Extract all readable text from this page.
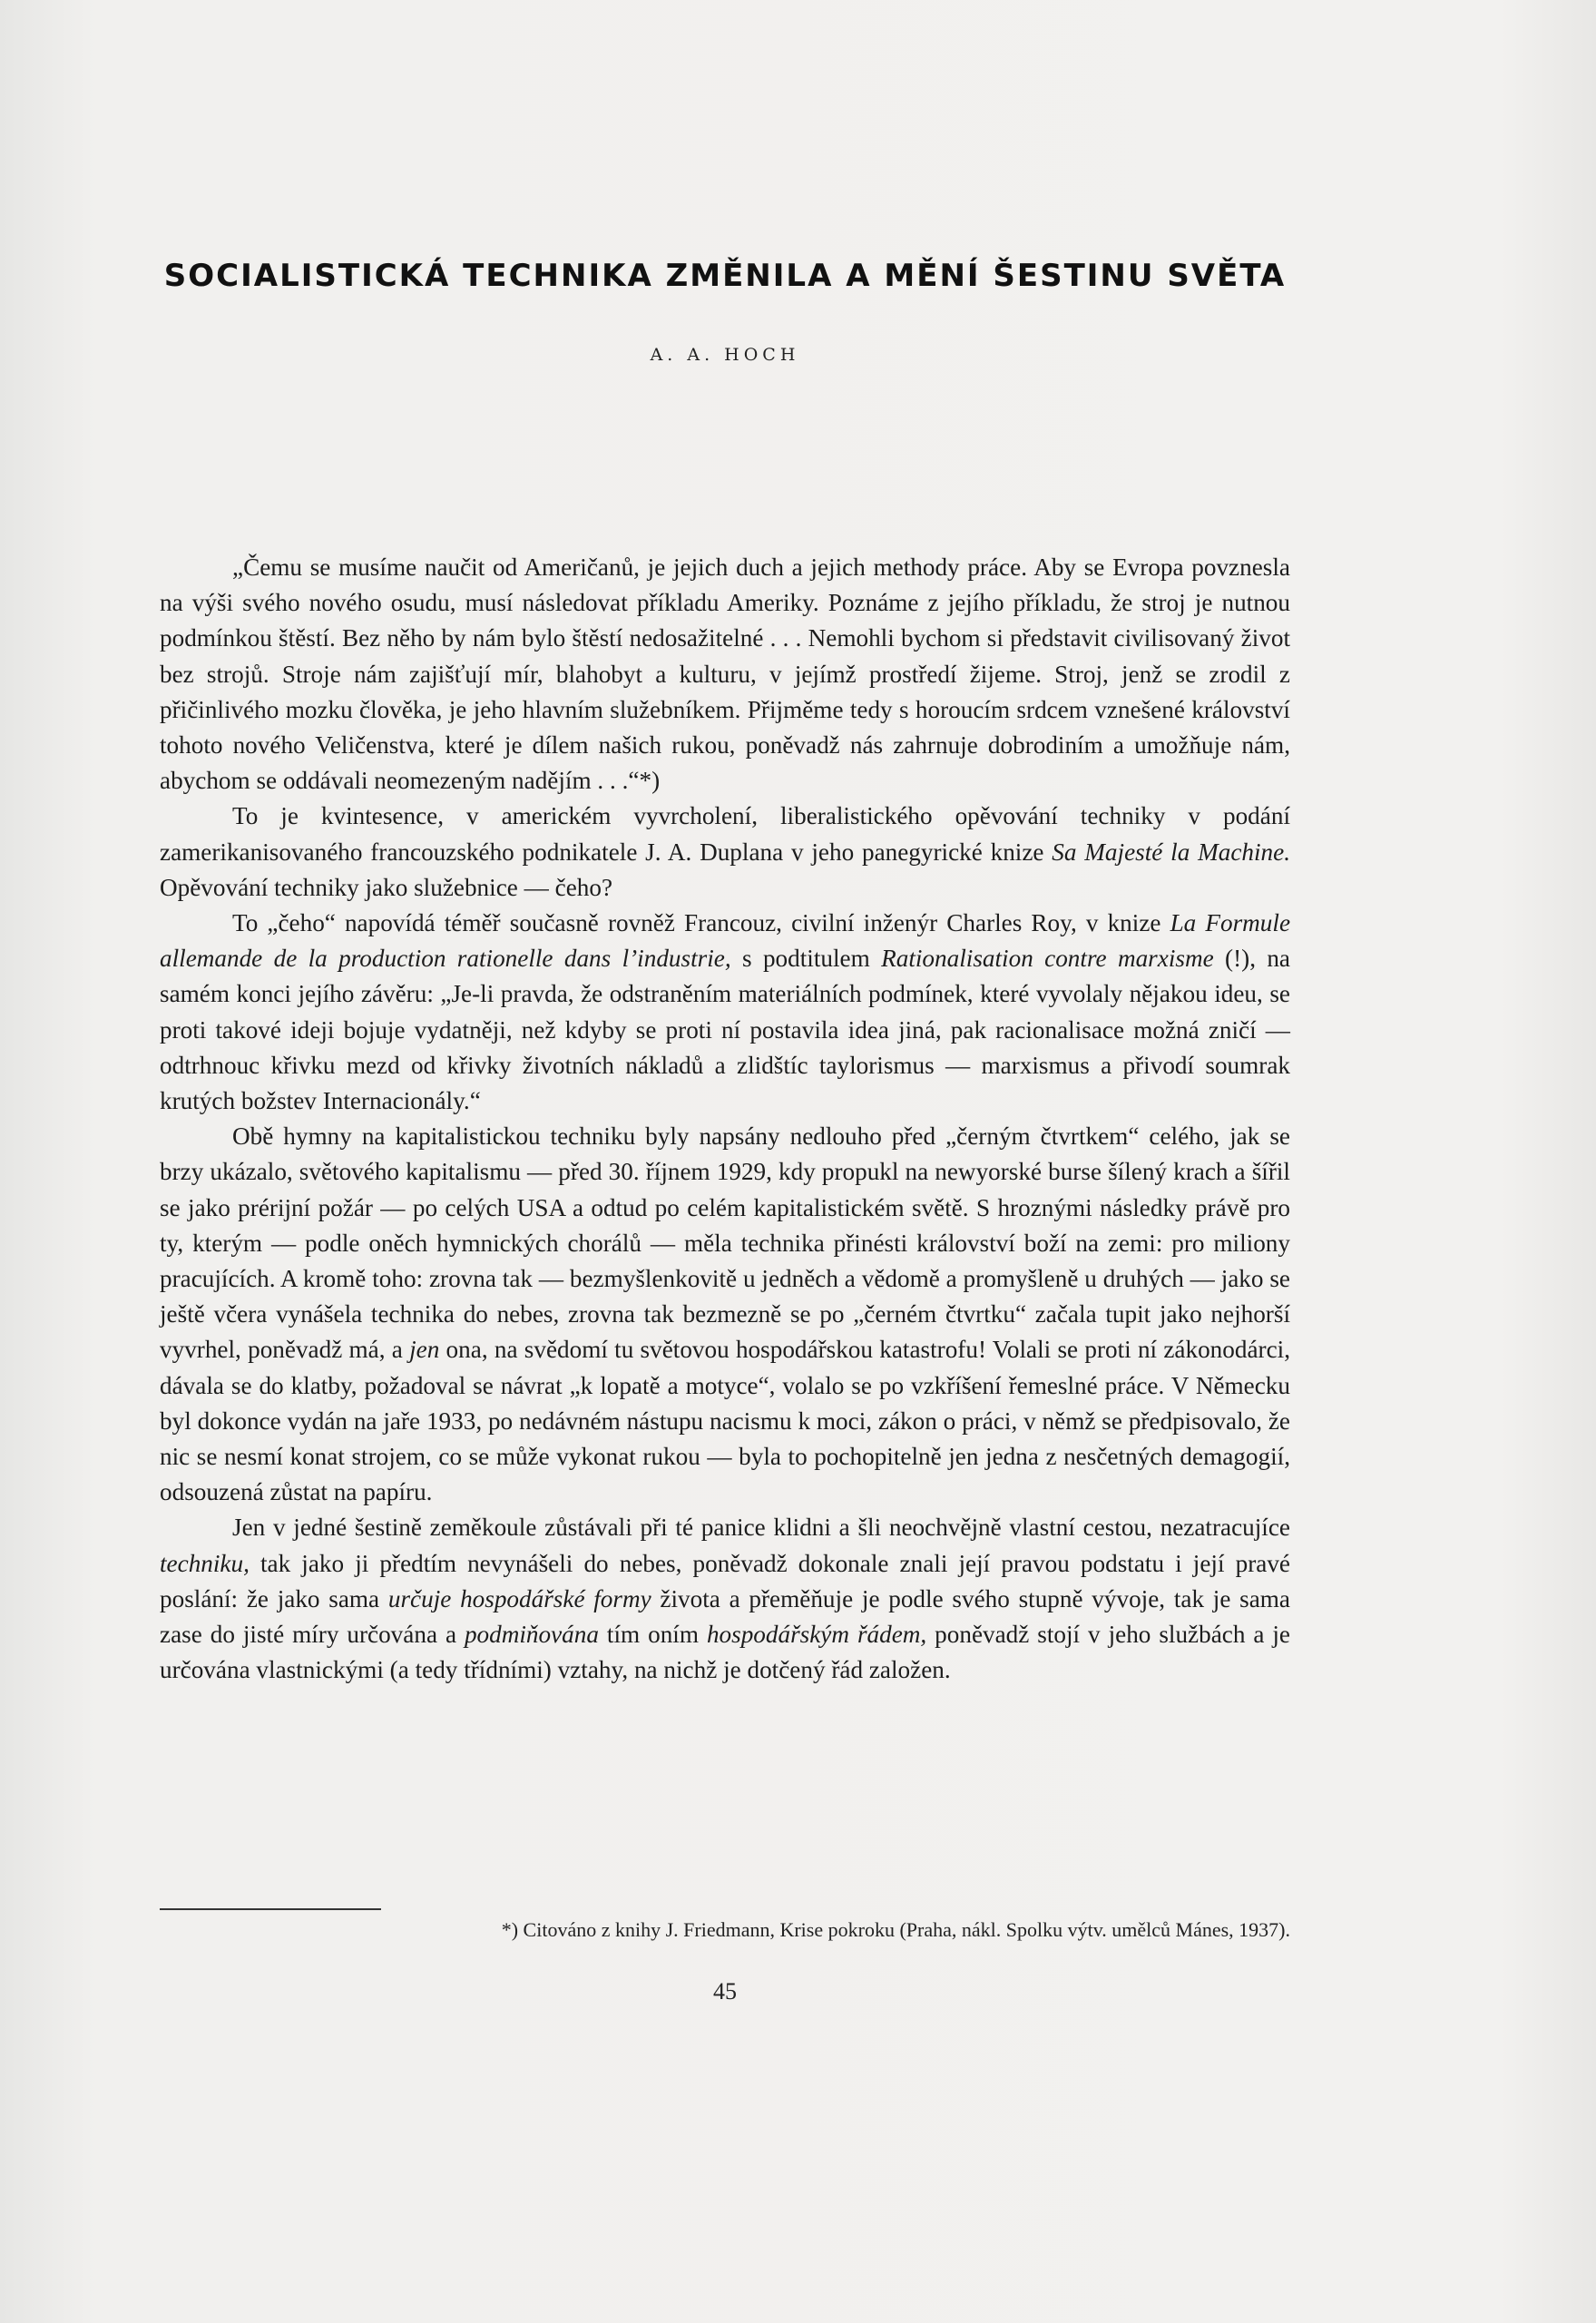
SOCIALISTICKÁ TECHNIKA ZMĚNILA A MĚNÍ ŠESTINU SVĚTA
A. A. HOCH

„Čemu se musíme naučit od Američanů, je jejich duch a jejich methody práce. Aby se Evropa povznesla na výši svého nového osudu, musí následovat příkladu Ameriky. Poznáme z jejího příkladu, že stroj je nutnou podmínkou štěstí. Bez něho by nám bylo štěstí nedosažitelné . . . Nemohli bychom si představit civilisovaný život bez strojů. Stroje nám zajišťují mír, blahobyt a kulturu, v jejímž prostředí žijeme. Stroj, jenž se zrodil z přičinlivého mozku člověka, je jeho hlavním služebníkem. Přijměme tedy s horoucím srdcem vznešené království tohoto nového Veličenstva, které je dílem našich rukou, poněvadž nás zahrnuje dobrodiním a umožňuje nám, abychom se oddávali neomezeným nadějím . . .“*)

To je kvintesence, v americkém vyvrcholení, liberalistického opěvování techniky v podání zamerikanisovaného francouzského podnikatele J. A. Duplana v jeho panegyrické knize Sa Majesté la Machine. Opěvování techniky jako služebnice — čeho?

To „čeho“ napovídá téměř současně rovněž Francouz, civilní inženýr Charles Roy, v knize La Formule allemande de la production rationelle dans l’industrie, s podtitulem Rationalisation contre marxisme (!), na samém konci jejího závěru: „Je-li pravda, že odstraněním materiálních podmínek, které vyvolaly nějakou ideu, se proti takové ideji bojuje vydatněji, než kdyby se proti ní postavila idea jiná, pak racionalisace možná zničí — odtrhnouc křivku mezd od křivky životních nákladů a zlidštíc taylorismus — marxismus a přivodí soumrak krutých božstev Internacionály.“

Obě hymny na kapitalistickou techniku byly napsány nedlouho před „černým čtvrtkem“ celého, jak se brzy ukázalo, světového kapitalismu — před 30. říjnem 1929, kdy propukl na newyorské burse šílený krach a šířil se jako prérijní požár — po celých USA a odtud po celém kapitalistickém světě. S hroznými následky právě pro ty, kterým — podle oněch hymnických chorálů — měla technika přinésti království boží na zemi: pro miliony pracujících. A kromě toho: zrovna tak — bezmyšlenkovitě u jedněch a vědomě a promyšleně u druhých — jako se ještě včera vynášela technika do nebes, zrovna tak bezmezně se po „černém čtvrtku“ začala tupit jako nejhorší vyvrhel, poněvadž má, a jen ona, na svědomí tu světovou hospodářskou katastrofu! Volali se proti ní zákonodárci, dávala se do klatby, požadoval se návrat „k lopatě a motyce“, volalo se po vzkříšení řemeslné práce. V Německu byl dokonce vydán na jaře 1933, po nedávném nástupu nacismu k moci, zákon o práci, v němž se předpisovalo, že nic se nesmí konat strojem, co se může vykonat rukou — byla to pochopitelně jen jedna z nesčetných demagogií, odsouzená zůstat na papíru.

Jen v jedné šestině zeměkoule zůstávali při té panice klidni a šli neochvějně vlastní cestou, nezatracujíce techniku, tak jako ji předtím nevynášeli do nebes, poněvadž dokonale znali její pravou podstatu i její pravé poslání: že jako sama určuje hospodářské formy života a přeměňuje je podle svého stupně vývoje, tak je sama zase do jisté míry určována a podmiňována tím oním hospodářským řádem, poněvadž stojí v jeho službách a je určována vlastnickými (a tedy třídními) vztahy, na nichž je dotčený řád založen.

*) Citováno z knihy J. Friedmann, Krise pokroku (Praha, nákl. Spolku výtv. umělců Mánes, 1937).
45
